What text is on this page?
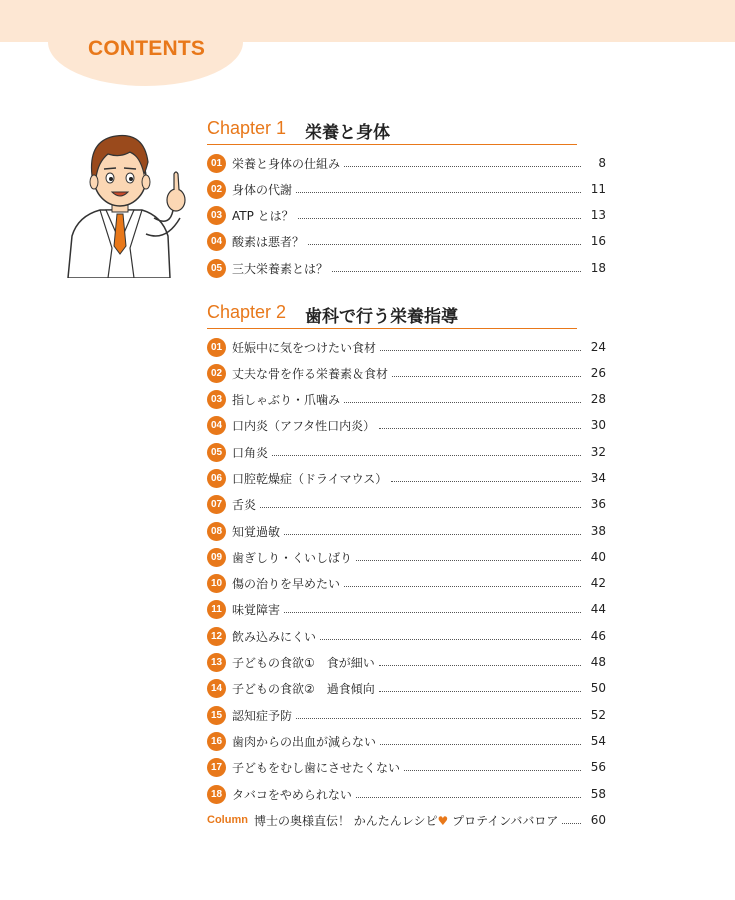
CONTENTS
Chapter 1 栄養と身体
01 栄養と身体の仕組み	8
02 身体の代謝	11
03 ATP とは？	13
04 酸素は悪者？	16
05 三大栄養素とは？	18
Chapter 2 歯科で行う栄養指導
01 妊娠中に気をつけたい食材	24
02 丈夫な骨を作る栄養素＆食材	26
03 指しゃぶり・爪噛み	28
04 口内炎（アフタ性口内炎）	30
05 口角炎	32
06 口腔乾燥症（ドライマウス）	34
07 舌炎	36
08 知覚過敏	38
09 歯ぎしり・くいしばり	40
10 傷の治りを早めたい	42
11 味覚障害	44
12 飲み込みにくい	46
13 子どもの食欲①　食が細い	48
14 子どもの食欲②　過食傾向	50
15 認知症予防	52
16 歯肉からの出血が減らない	54
17 子どもをむし歯にさせたくない	56
18 タバコをやめられない	58
Column 博士の奥様直伝！ かんたんレシピ♥ プロテインババロア	60
